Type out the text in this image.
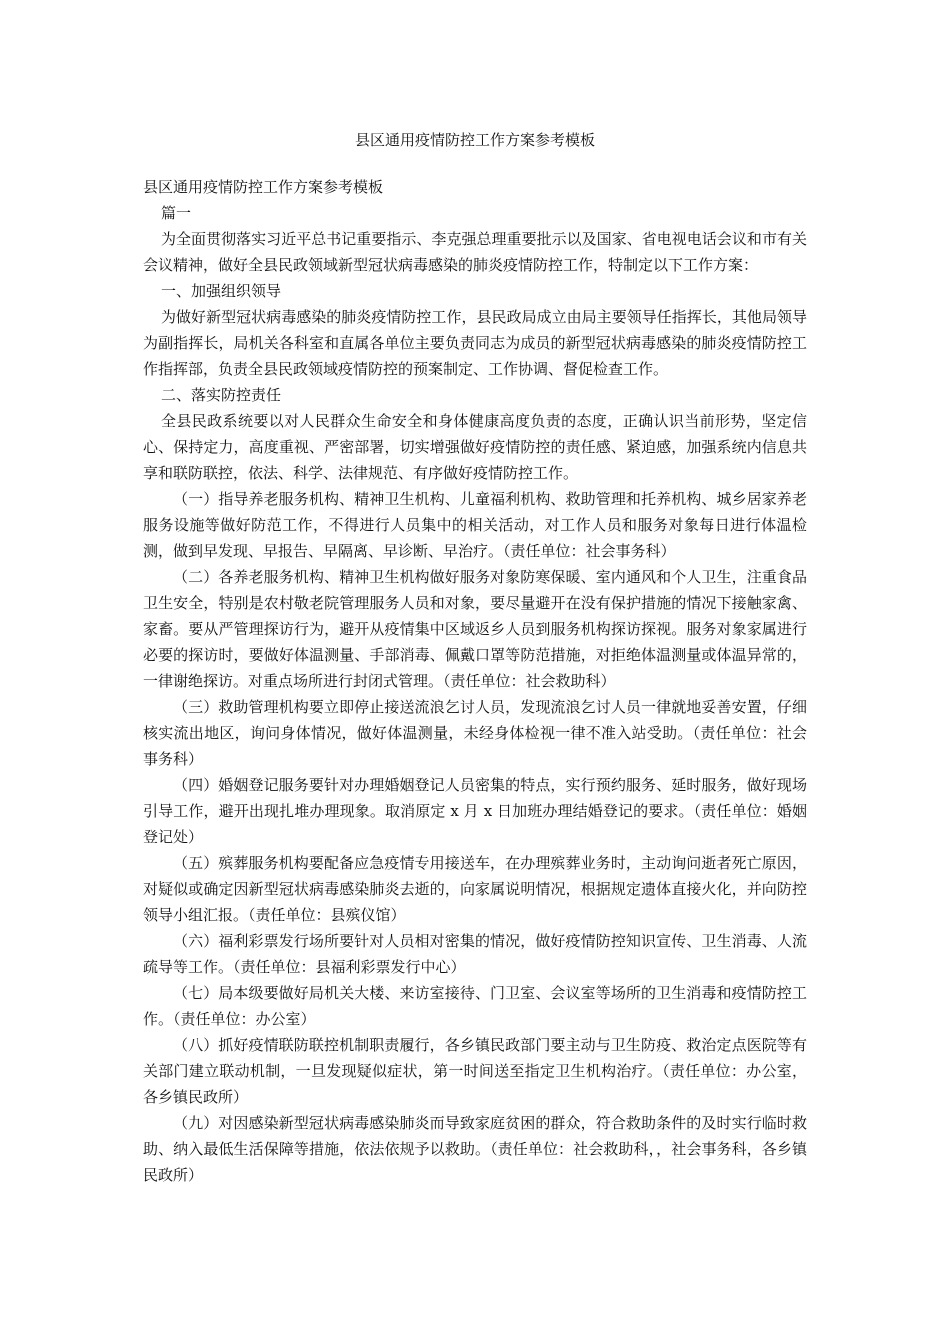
县区通用疫情防控工作方案参考模板

县区通用疫情防控工作方案参考模板

篇一

为全面贯彻落实习近平总书记重要指示、李克强总理重要批示以及国家、省电视电话会议和市有关会议精神，做好全县民政领域新型冠状病毒感染的肺炎疫情防控工作，特制定以下工作方案：

一、加强组织领导

为做好新型冠状病毒感染的肺炎疫情防控工作，县民政局成立由局主要领导任指挥长，其他局领导为副指挥长，局机关各科室和直属各单位主要负责同志为成员的新型冠状病毒感染的肺炎疫情防控工作指挥部，负责全县民政领域疫情防控的预案制定、工作协调、督促检查工作。

二、落实防控责任

全县民政系统要以对人民群众生命安全和身体健康高度负责的态度，正确认识当前形势，坚定信心、保持定力，高度重视、严密部署，切实增强做好疫情防控的责任感、紧迫感，加强系统内信息共享和联防联控，依法、科学、法律规范、有序做好疫情防控工作。

（一）指导养老服务机构、精神卫生机构、儿童福利机构、救助管理和托养机构、城乡居家养老服务设施等做好防范工作，不得进行人员集中的相关活动，对工作人员和服务对象每日进行体温检测，做到早发现、早报告、早隔离、早诊断、早治疗。（责任单位：社会事务科）

（二）各养老服务机构、精神卫生机构做好服务对象防寒保暖、室内通风和个人卫生，注重食品卫生安全，特别是农村敬老院管理服务人员和对象，要尽量避开在没有保护措施的情况下接触家禽、家畜。要从严管理探访行为，避开从疫情集中区域返乡人员到服务机构探访探视。服务对象家属进行必要的探访时，要做好体温测量、手部消毒、佩戴口罩等防范措施，对拒绝体温测量或体温异常的，一律谢绝探访。对重点场所进行封闭式管理。（责任单位：社会救助科）

（三）救助管理机构要立即停止接送流浪乞讨人员，发现流浪乞讨人员一律就地妥善安置，仔细核实流出地区，询问身体情况，做好体温测量，未经身体检视一律不准入站受助。（责任单位：社会事务科）

（四）婚姻登记服务要针对办理婚姻登记人员密集的特点，实行预约服务、延时服务，做好现场引导工作，避开出现扎堆办理现象。取消原定 x 月 x 日加班办理结婚登记的要求。（责任单位：婚姻登记处）

（五）殡葬服务机构要配备应急疫情专用接送车，在办理殡葬业务时，主动询问逝者死亡原因，对疑似或确定因新型冠状病毒感染肺炎去逝的，向家属说明情况，根据规定遗体直接火化，并向防控领导小组汇报。（责任单位：县殡仪馆）

（六）福利彩票发行场所要针对人员相对密集的情况，做好疫情防控知识宣传、卫生消毒、人流疏导等工作。（责任单位：县福利彩票发行中心）

（七）局本级要做好局机关大楼、来访室接待、门卫室、会议室等场所的卫生消毒和疫情防控工作。（责任单位：办公室）

（八）抓好疫情联防联控机制职责履行，各乡镇民政部门要主动与卫生防疫、救治定点医院等有关部门建立联动机制，一旦发现疑似症状，第一时间送至指定卫生机构治疗。（责任单位：办公室，各乡镇民政所）

（九）对因感染新型冠状病毒感染肺炎而导致家庭贫困的群众，符合救助条件的及时实行临时救助、纳入最低生活保障等措施，依法依规予以救助。（责任单位：社会救助科，，社会事务科，各乡镇民政所）
